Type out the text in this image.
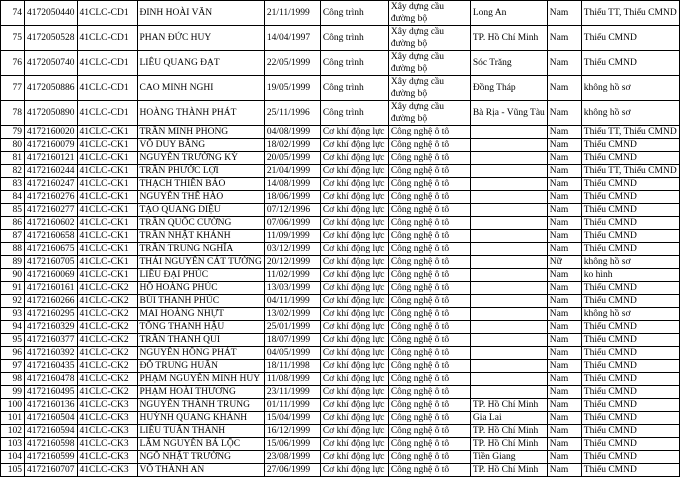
74	4172050440	41CLC-CD1	ĐINH HOÀI VĂN	21/11/1999	Công trình	Xây dựng cầu đường bộ	Long An	Nam	Thiếu TT, Thiếu CMND
75	4172050528	41CLC-CD1	PHAN ĐỨC HUY	14/04/1997	Công trình	Xây dựng cầu đường bộ	TP. Hồ Chí Minh	Nam	Thiếu CMND
76	4172050740	41CLC-CD1	LIÊU QUANG ĐẠT	22/05/1999	Công trình	Xây dựng cầu đường bộ	Sóc Trăng	Nam	Thiếu CMND
77	4172050886	41CLC-CD1	CAO MINH NGHI	19/05/1999	Công trình	Xây dựng cầu đường bộ	Đồng Tháp	Nam	không hồ sơ
78	4172050890	41CLC-CD1	HOÀNG THÀNH PHÁT	25/11/1996	Công trình	Xây dựng cầu đường bộ	Bà Rịa - Vũng Tàu	Nam	không hồ sơ
79	4172160020	41CLC-CK1	TRẦN MINH PHONG	04/08/1999	Cơ khí động lực	Công nghệ ô tô		Nam	Thiếu TT, Thiếu CMND
80	4172160079	41CLC-CK1	VÕ DUY BẰNG	18/02/1999	Cơ khí động lực	Công nghệ ô tô		Nam	Thiếu CMND
81	4172160121	41CLC-CK1	NGUYỄN TRƯỜNG KỲ	20/05/1999	Cơ khí động lực	Công nghệ ô tô		Nam	Thiếu CMND
82	4172160244	41CLC-CK1	TRẦN PHƯỚC LỢI	21/04/1999	Cơ khí động lực	Công nghệ ô tô		Nam	Thiếu TT, Thiếu CMND
83	4172160247	41CLC-CK1	THẠCH THIÊN BẢO	14/08/1999	Cơ khí động lực	Công nghệ ô tô		Nam	Thiếu CMND
84	4172160276	41CLC-CK1	NGUYỄN THẾ HÀO	18/06/1999	Cơ khí động lực	Công nghệ ô tô		Nam	Thiếu CMND
85	4172160277	41CLC-CK1	TẠO QUANG DIỆU	07/12/1996	Cơ khí động lực	Công nghệ ô tô		Nam	Thiếu CMND
86	4172160602	41CLC-CK1	TRẦN QUỐC CƯỜNG	07/06/1999	Cơ khí động lực	Công nghệ ô tô		Nam	Thiếu CMND
87	4172160658	41CLC-CK1	TRẦN NHẬT KHÁNH	11/09/1999	Cơ khí động lực	Công nghệ ô tô		Nam	Thiếu CMND
88	4172160675	41CLC-CK1	TRẦN TRUNG NGHĨA	03/12/1999	Cơ khí động lực	Công nghệ ô tô		Nam	Thiếu CMND
89	4172160705	41CLC-CK1	THÁI NGUYỄN CÁT TƯỜNG	20/12/1999	Cơ khí động lực	Công nghệ ô tô		Nữ	không hồ sơ
90	4172160069	41CLC-CK1	LIÊU ĐẠI PHÚC	11/02/1999	Cơ khí động lực	Công nghệ ô tô		Nam	ko hình
91	4172160161	41CLC-CK2	HỒ HOÀNG PHÚC	13/03/1999	Cơ khí động lực	Công nghệ ô tô		Nam	Thiếu CMND
92	4172160266	41CLC-CK2	BÙI THANH PHÚC	04/11/1999	Cơ khí động lực	Công nghệ ô tô		Nam	Thiếu CMND
93	4172160295	41CLC-CK2	MAI HOÀNG NHỰT	13/02/1999	Cơ khí động lực	Công nghệ ô tô		Nam	không hồ sơ
94	4172160329	41CLC-CK2	TÔNG THANH HẬU	25/01/1999	Cơ khí động lực	Công nghệ ô tô		Nam	Thiếu CMND
95	4172160377	41CLC-CK2	TRẦN THANH QUI	18/07/1999	Cơ khí động lực	Công nghệ ô tô		Nam	Thiếu CMND
96	4172160392	41CLC-CK2	NGUYỄN HỒNG PHÁT	04/05/1999	Cơ khí động lực	Công nghệ ô tô		Nam	Thiếu CMND
97	4172160435	41CLC-CK2	ĐỖ TRUNG HUÂN	18/11/1998	Cơ khí động lực	Công nghệ ô tô		Nam	Thiếu CMND
98	4172160478	41CLC-CK2	PHẠM NGUYỄN MINH HUY	11/08/1999	Cơ khí động lực	Công nghệ ô tô		Nam	Thiếu CMND
99	4172160495	41CLC-CK2	PHẠM HOÀI THƯƠNG	23/11/1999	Cơ khí động lực	Công nghệ ô tô		Nam	Thiếu CMND
100	4172160136	41CLC-CK3	NGUYỄN THÀNH TRUNG	01/11/1999	Cơ khí động lực	Công nghệ ô tô	TP. Hồ Chí Minh	Nam	Thiếu CMND
101	4172160504	41CLC-CK3	HUỲNH QUANG KHÁNH	15/04/1999	Cơ khí động lực	Công nghệ ô tô	Gia Lai	Nam	Thiếu CMND
102	4172160594	41CLC-CK3	LIỄU TUẤN THÀNH	16/12/1999	Cơ khí động lực	Công nghệ ô tô	TP. Hồ Chí Minh	Nam	Thiếu CMND
103	4172160598	41CLC-CK3	LÂM NGUYỄN BÁ LỘC	15/06/1999	Cơ khí động lực	Công nghệ ô tô	TP. Hồ Chí Minh	Nam	Thiếu CMND
104	4172160599	41CLC-CK3	NGÔ NHẬT TRƯỜNG	23/08/1999	Cơ khí động lực	Công nghệ ô tô	Tiền Giang	Nam	Thiếu CMND
105	4172160707	41CLC-CK3	VÕ THÀNH AN	27/06/1999	Cơ khí động lực	Công nghệ ô tô	TP. Hồ Chí Minh	Nam	Thiếu CMND
